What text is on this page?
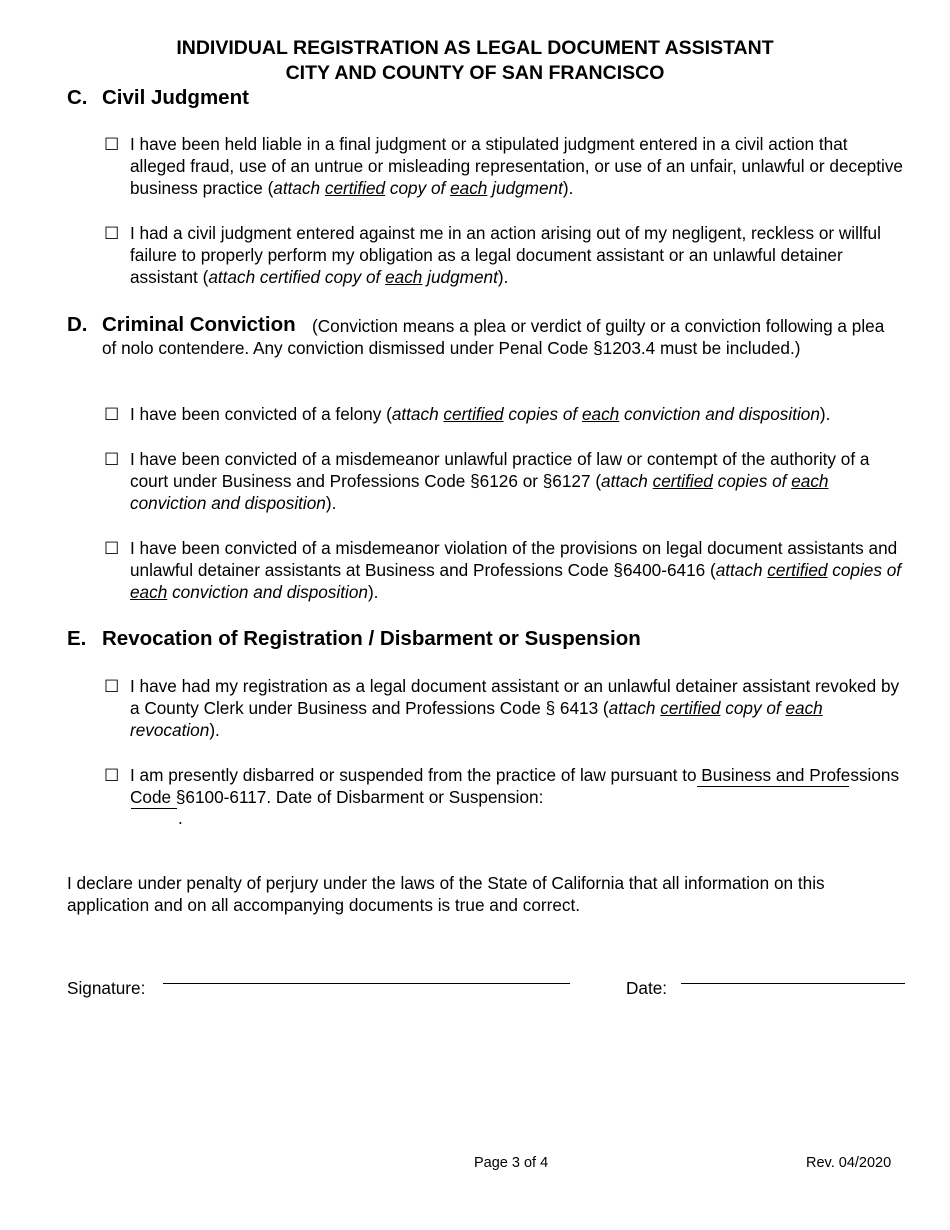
INDIVIDUAL REGISTRATION AS LEGAL DOCUMENT ASSISTANT
CITY AND COUNTY OF SAN FRANCISCO
C. Civil Judgment
☐ I have been held liable in a final judgment or a stipulated judgment entered in a civil action that alleged fraud, use of an untrue or misleading representation, or use of an unfair, unlawful or deceptive business practice (attach certified copy of each judgment).
☐ I had a civil judgment entered against me in an action arising out of my negligent, reckless or willful failure to properly perform my obligation as a legal document assistant or an unlawful detainer assistant (attach certified copy of each judgment).
D. Criminal Conviction (Conviction means a plea or verdict of guilty or a conviction following a plea of nolo contendere. Any conviction dismissed under Penal Code §1203.4 must be included.)
☐ I have been convicted of a felony (attach certified copies of each conviction and disposition).
☐ I have been convicted of a misdemeanor unlawful practice of law or contempt of the authority of a court under Business and Professions Code §6126 or §6127 (attach certified copies of each conviction and disposition).
☐ I have been convicted of a misdemeanor violation of the provisions on legal document assistants and unlawful detainer assistants at Business and Professions Code §6400-6416 (attach certified copies of each conviction and disposition).
E. Revocation of Registration / Disbarment or Suspension
☐ I have had my registration as a legal document assistant or an unlawful detainer assistant revoked by a County Clerk under Business and Professions Code § 6413 (attach certified copy of each revocation).
☐ I am presently disbarred or suspended from the practice of law pursuant to Business and Professions Code §6100-6117. Date of Disbarment or Suspension:
.
I declare under penalty of perjury under the laws of the State of California that all information on this application and on all accompanying documents is true and correct.
Signature:	Date:
Page 3 of 4	Rev. 04/2020
